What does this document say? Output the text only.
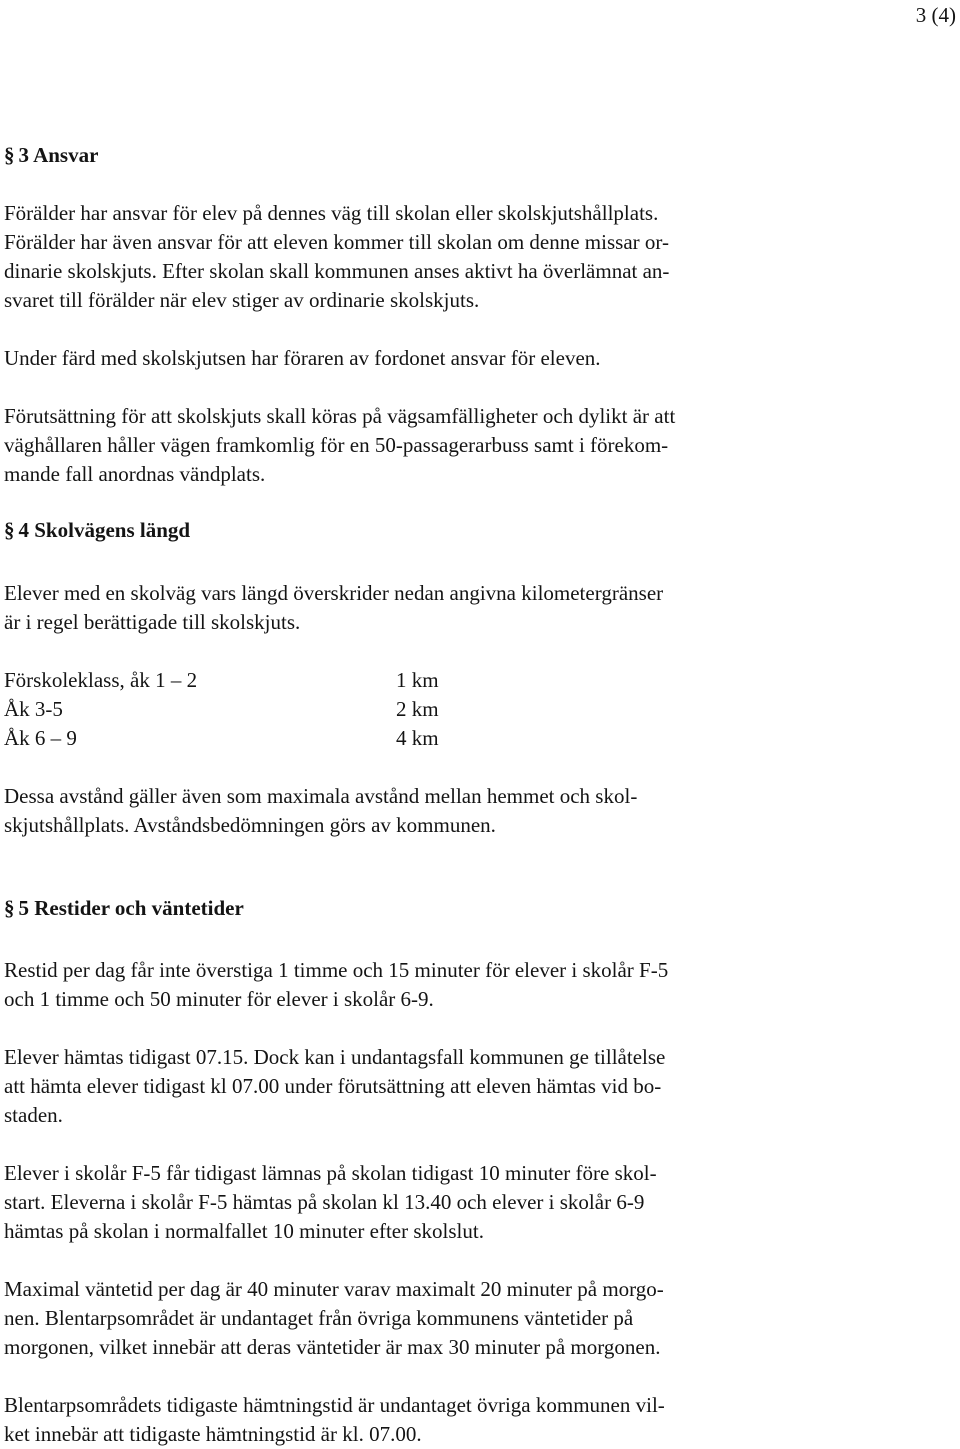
3 (4)
§ 3 Ansvar
Förälder har ansvar för elev på dennes väg till skolan eller skolskjutshållplats.
Förälder har även ansvar för att eleven kommer till skolan om denne missar or-
dinarie skolskjuts. Efter skolan skall kommunen anses aktivt ha överlämnat an-
svaret till förälder när elev stiger av ordinarie skolskjuts.
Under färd med skolskjutsen har föraren av fordonet ansvar för eleven.
Förutsättning för att skolskjuts skall köras på vägsamfälligheter och dylikt är att
väghållaren håller vägen framkomlig för en 50-passagerarbuss samt i förekom-
mande fall anordnas vändplats.
§ 4 Skolvägens längd
Elever med en skolväg vars längd överskrider nedan angivna kilometergränser
är i regel berättigade till skolskjuts.
Förskoleklass, åk 1 – 2	1 km
Åk 3-5	2 km
Åk 6 – 9	4 km
Dessa avstånd gäller även som maximala avstånd mellan hemmet och skol-
skjutshållplats. Avståndsbedömningen görs av kommunen.
§ 5 Restider och väntetider
Restid per dag får inte överstiga 1 timme och 15 minuter för elever i skolår F-5
och 1 timme och 50 minuter för elever i skolår 6-9.
Elever hämtas tidigast 07.15. Dock kan i undantagsfall kommunen ge tillåtelse
att hämta elever tidigast kl 07.00 under förutsättning att eleven hämtas vid bo-
staden.
Elever i skolår F-5 får tidigast lämnas på skolan tidigast 10 minuter före skol-
start. Eleverna i skolår F-5 hämtas på skolan kl 13.40 och elever i skolår 6-9
hämtas på skolan i normalfallet 10 minuter efter skolslut.
Maximal väntetid per dag är 40 minuter varav maximalt 20 minuter på morgo-
nen. Blentarpsområdet är undantaget från övriga kommunens väntetider på
morgonen, vilket innebär att deras väntetider är max 30 minuter på morgonen.
Blentarpsområdets tidigaste hämtningstid är undantaget övriga kommunen vil-
ket innebär att tidigaste hämtningstid är kl. 07.00.
